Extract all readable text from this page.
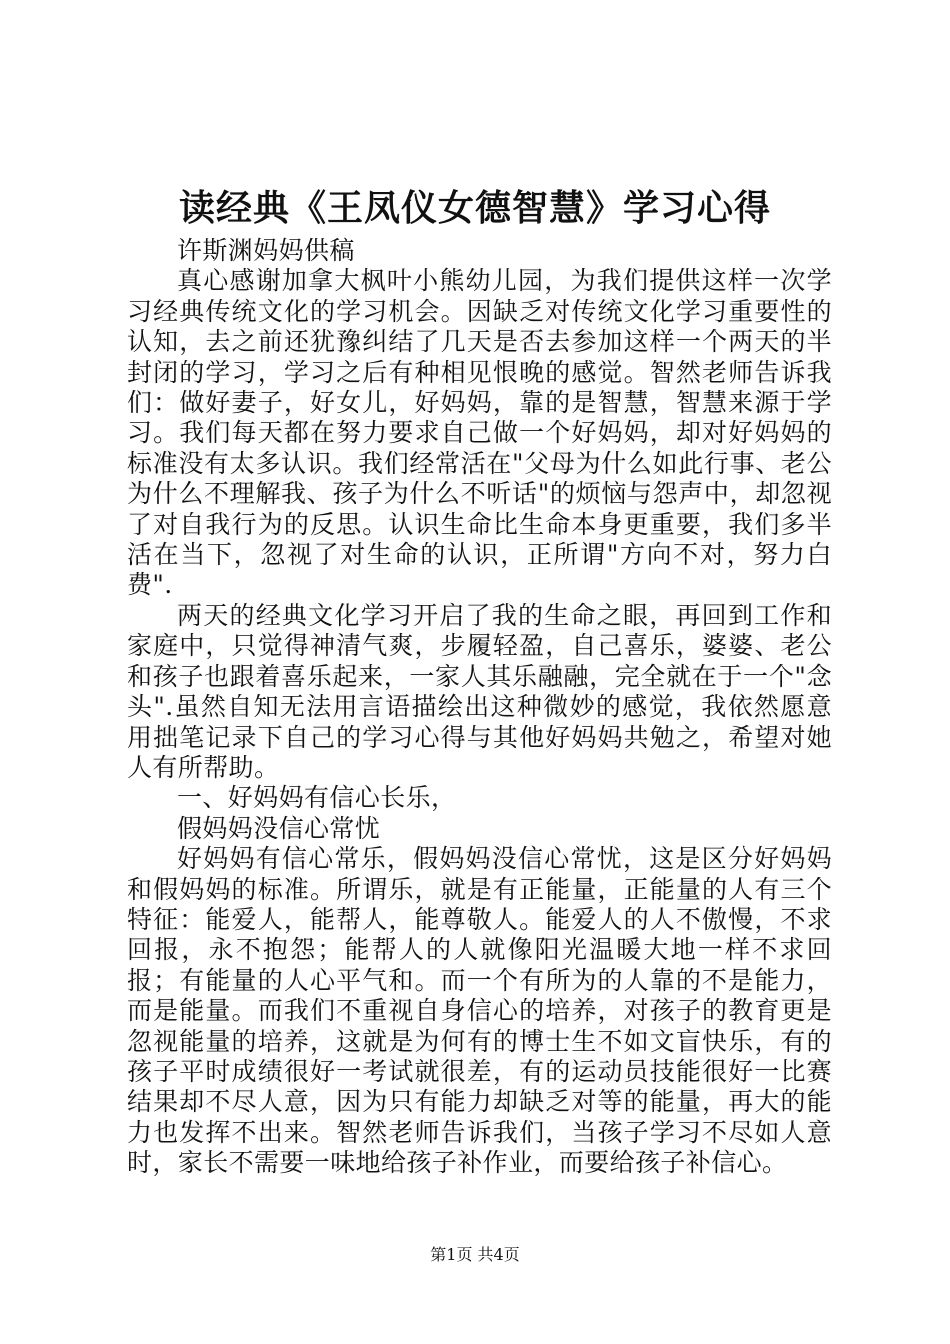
读经典《王凤仪女德智慧》学习心得

许斯渊妈妈供稿

真心感谢加拿大枫叶小熊幼儿园，为我们提供这样一次学习经典传统文化的学习机会。因缺乏对传统文化学习重要性的认知，去之前还犹豫纠结了几天是否去参加这样一个两天的半封闭的学习，学习之后有种相见恨晚的感觉。智然老师告诉我们：做好妻子，好女儿，好妈妈，靠的是智慧，智慧来源于学习。我们每天都在努力要求自己做一个好妈妈，却对好妈妈的标准没有太多认识。我们经常活在"父母为什么如此行事、老公为什么不理解我、孩子为什么不听话"的烦恼与怨声中，却忽视了对自我行为的反思。认识生命比生命本身更重要，我们多半活在当下，忽视了对生命的认识，正所谓"方向不对，努力白费".

两天的经典文化学习开启了我的生命之眼，再回到工作和家庭中，只觉得神清气爽，步履轻盈，自己喜乐，婆婆、老公和孩子也跟着喜乐起来，一家人其乐融融，完全就在于一个"念头".虽然自知无法用言语描绘出这种微妙的感觉，我依然愿意用拙笔记录下自己的学习心得与其他好妈妈共勉之，希望对她人有所帮助。

一、好妈妈有信心长乐，

假妈妈没信心常忧

好妈妈有信心常乐，假妈妈没信心常忧，这是区分好妈妈和假妈妈的标准。所谓乐，就是有正能量，正能量的人有三个特征：能爱人，能帮人，能尊敬人。能爱人的人不傲慢，不求回报，永不抱怨；能帮人的人就像阳光温暖大地一样不求回报；有能量的人心平气和。而一个有所为的人靠的不是能力，而是能量。而我们不重视自身信心的培养，对孩子的教育更是忽视能量的培养，这就是为何有的博士生不如文盲快乐，有的孩子平时成绩很好一考试就很差，有的运动员技能很好一比赛结果却不尽人意，因为只有能力却缺乏对等的能量，再大的能力也发挥不出来。智然老师告诉我们，当孩子学习不尽如人意时，家长不需要一味地给孩子补作业，而要给孩子补信心。

第1页 共4页
